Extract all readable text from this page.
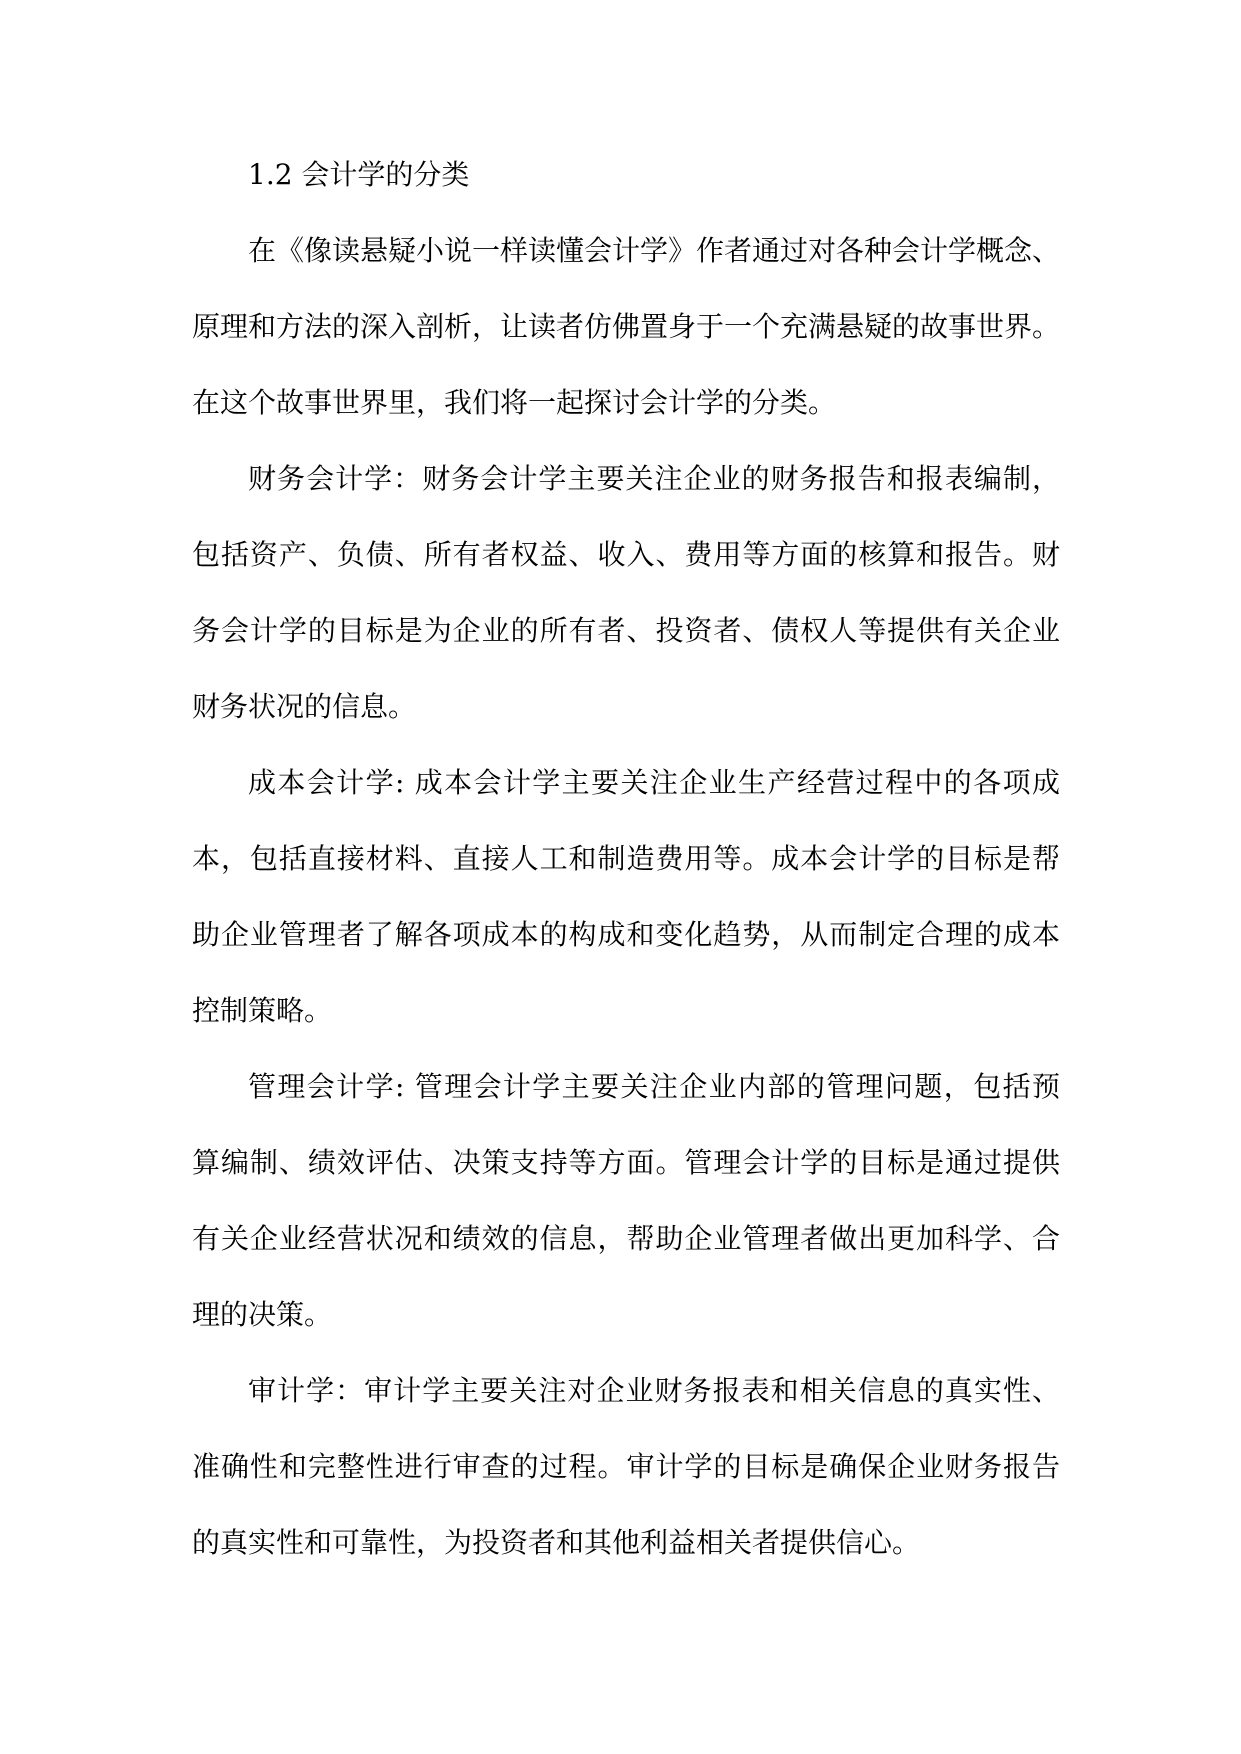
1.2 会计学的分类
在《像读悬疑小说一样读懂会计学》作者通过对各种会计学概念、
原理和方法的深入剖析，让读者仿佛置身于一个充满悬疑的故事世界。
在这个故事世界里，我们将一起探讨会计学的分类。
财务会计学：财务会计学主要关注企业的财务报告和报表编制，
包括资产、负债、所有者权益、收入、费用等方面的核算和报告。财
务会计学的目标是为企业的所有者、投资者、债权人等提供有关企业
财务状况的信息。
成本会计学: 成本会计学主要关注企业生产经营过程中的各项成
本，包括直接材料、直接人工和制造费用等。成本会计学的目标是帮
助企业管理者了解各项成本的构成和变化趋势，从而制定合理的成本
控制策略。
管理会计学: 管理会计学主要关注企业内部的管理问题，包括预
算编制、绩效评估、决策支持等方面。管理会计学的目标是通过提供
有关企业经营状况和绩效的信息，帮助企业管理者做出更加科学、合
理的决策。
审计学：审计学主要关注对企业财务报表和相关信息的真实性、
准确性和完整性进行审查的过程。审计学的目标是确保企业财务报告
的真实性和可靠性，为投资者和其他利益相关者提供信心。
